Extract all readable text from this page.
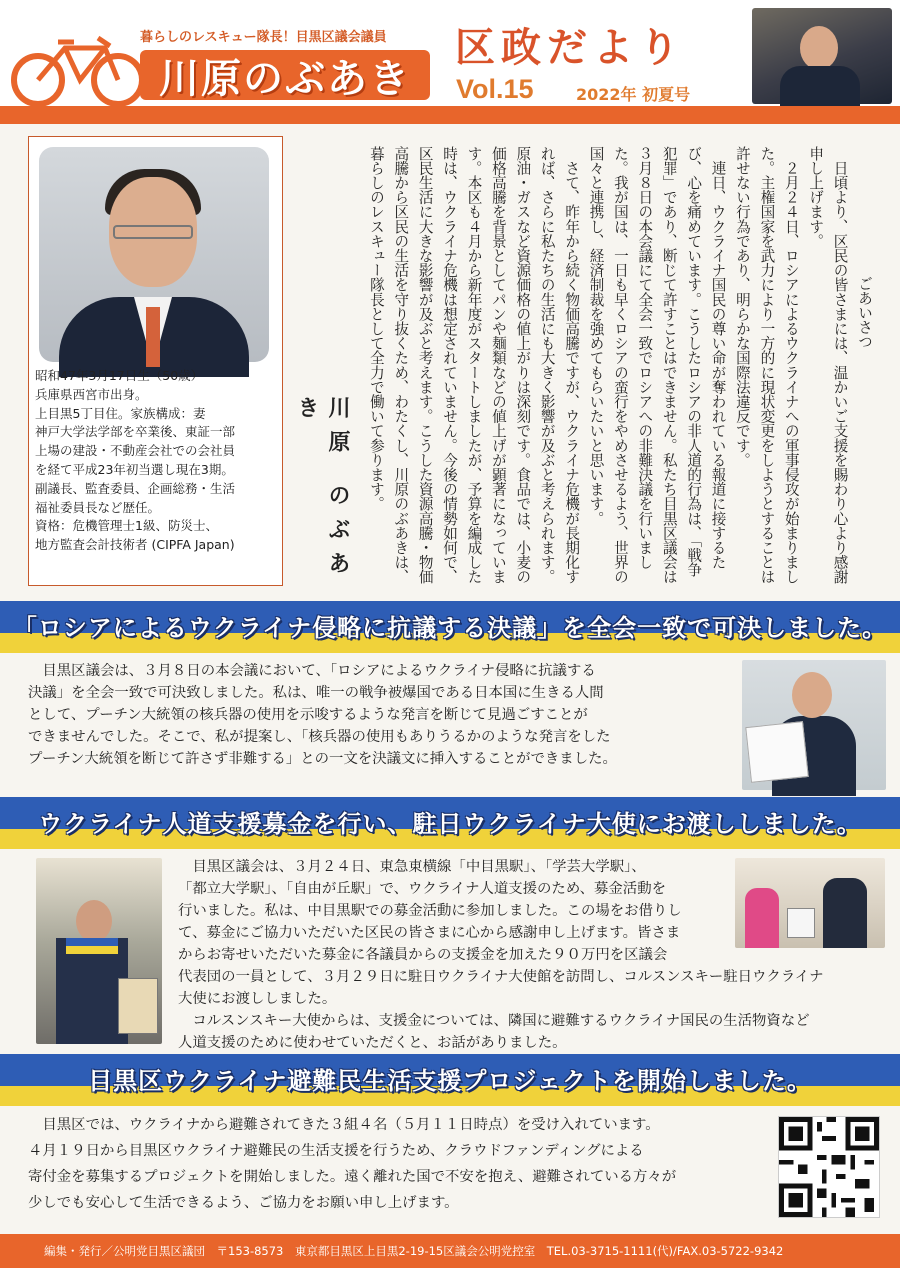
暮らしのレスキュー隊長！目黒区議会議員
川原のぶあき
区政だより
Vol.15	2022年 初夏号
昭和47年3月17日生（50歳）
兵庫県西宮市出身。
上目黒5丁目住。家族構成：妻
神戸大学法学部を卒業後、東証一部
上場の建設・不動産会社での会社員
を経て平成23年初当選し現在3期。
副議長、監査委員、企画総務・生活
福祉委員長など歴任。
資格：危機管理士1級、防災士、
地方監査会計技術者 (CIPFA Japan)
ごあいさつ
　日頃より、区民の皆さまには、温かいご支援を賜わり心より感謝申し上げます。
　２月２４日、ロシアによるウクライナへの軍事侵攻が始まりました。主権国家を武力により一方的に現状変更をしようとすることは許せない行為であり、明らかな国際法違反です。
　連日、ウクライナ国民の尊い命が奪われている報道に接するたび、心を痛めています。こうしたロシアの非人道的行為は、「戦争犯罪」であり、断じて許すことはできません。私たち目黒区議会は３月８日の本会議にて全会一致でロシアへの非難決議を行いました。我が国は、一日も早くロシアの蛮行をやめさせるよう、世界の国々と連携し、経済制裁を強めてもらいたいと思います。
　さて、昨年から続く物価高騰ですが、ウクライナ危機が長期化すれば、さらに私たちの生活にも大きく影響が及ぶと考えられます。原油・ガスなど資源価格の値上がりは深刻です。食品では、小麦の価格高騰を背景としてパンや麺類などの値上げが顕著になっています。本区も４月から新年度がスタートしましたが、予算を編成した時は、ウクライナ危機は想定されていません。今後の情勢如何で、区民生活に大きな影響が及ぶと考えます。こうした資源高騰・物価高騰から区民の生活を守り抜くため、わたくし、川原のぶあきは、暮らしのレスキュー隊長として全力で働いて参ります。
川原 のぶあき
「ロシアによるウクライナ侵略に抗議する決議」を全会一致で可決しました。
　目黒区議会は、３月８日の本会議において、「ロシアによるウクライナ侵略に抗議する
決議」を全会一致で可決致しました。私は、唯一の戦争被爆国である日本国に生きる人間
として、プーチン大統領の核兵器の使用を示唆するような発言を断じて見過ごすことが
できませんでした。そこで、私が提案し、「核兵器の使用もありうるかのような発言をした
プーチン大統領を断じて許さず非難する」との一文を決議文に挿入することができました。
ウクライナ人道支援募金を行い、駐日ウクライナ大使にお渡ししました。
　目黒区議会は、３月２４日、東急東横線「中目黒駅」、「学芸大学駅」、
「都立大学駅」、「自由が丘駅」で、ウクライナ人道支援のため、募金活動を
行いました。私は、中目黒駅での募金活動に参加しました。この場をお借りし
て、募金にご協力いただいた区民の皆さまに心から感謝申し上げます。皆さま
からお寄せいただいた募金に各議員からの支援金を加えた９０万円を区議会
代表団の一員として、３月２９日に駐日ウクライナ大使館を訪問し、コルスンスキー駐日ウクライナ
大使にお渡ししました。
　コルスンスキー大使からは、支援金については、隣国に避難するウクライナ国民の生活物資など
人道支援のために使わせていただくと、お話がありました。
目黒区ウクライナ避難民生活支援プロジェクトを開始しました。
　目黒区では、ウクライナから避難されてきた３組４名（５月１１日時点）を受け入れています。
４月１９日から目黒区ウクライナ避難民の生活支援を行うため、クラウドファンディングによる
寄付金を募集するプロジェクトを開始しました。遠く離れた国で不安を抱え、避難されている方々が
少しでも安心して生活できるよう、ご協力をお願い申し上げます。
編集・発行／公明党目黒区議団　〒153-8573　東京都目黒区上目黒2-19-15区議会公明党控室　TEL.03-3715-1111(代)/FAX.03-5722-9342
